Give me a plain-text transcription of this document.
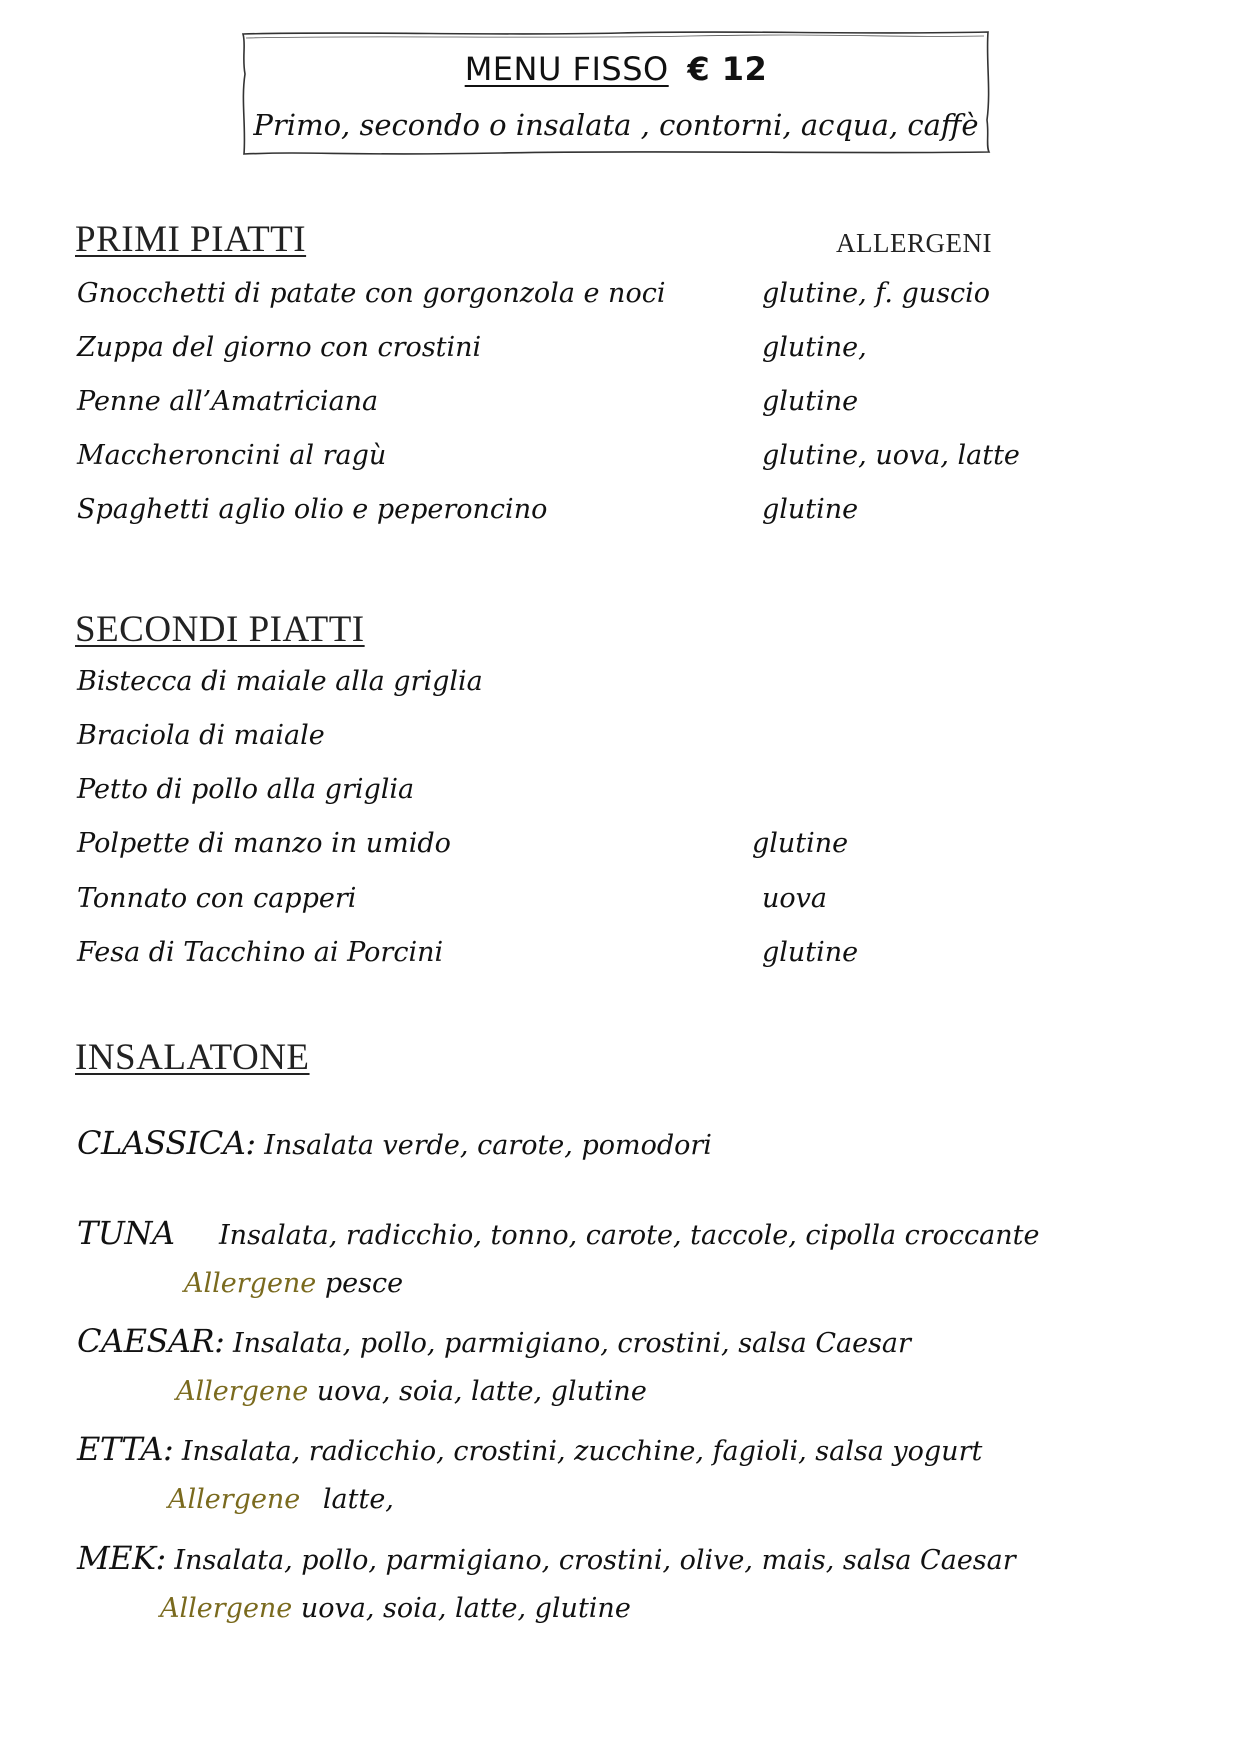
MENU FISSO € 12
Primo, secondo o insalata , contorni, acqua, caffè
PRIMI PIATTI	ALLERGENI
Gnocchetti di patate con gorgonzola e noci	glutine, f. guscio
Zuppa del giorno con crostini	glutine,
Penne all’Amatriciana	glutine
Maccheroncini al ragù	glutine, uova, latte
Spaghetti aglio olio e peperoncino	glutine
SECONDI PIATTI
Bistecca di maiale alla griglia
Braciola di maiale
Petto di pollo alla griglia
Polpette di manzo in umido	glutine
Tonnato con capperi	uova
Fesa di Tacchino ai Porcini	glutine
INSALATONE
CLASSICA: Insalata verde, carote, pomodori
TUNA Insalata, radicchio, tonno, carote, taccole, cipolla croccante
Allergene pesce
CAESAR: Insalata, pollo, parmigiano, crostini, salsa Caesar
Allergene uova, soia, latte, glutine
ETTA: Insalata, radicchio, crostini, zucchine, fagioli, salsa yogurt
Allergene latte,
MEK: Insalata, pollo, parmigiano, crostini, olive, mais, salsa Caesar
Allergene uova, soia, latte, glutine
